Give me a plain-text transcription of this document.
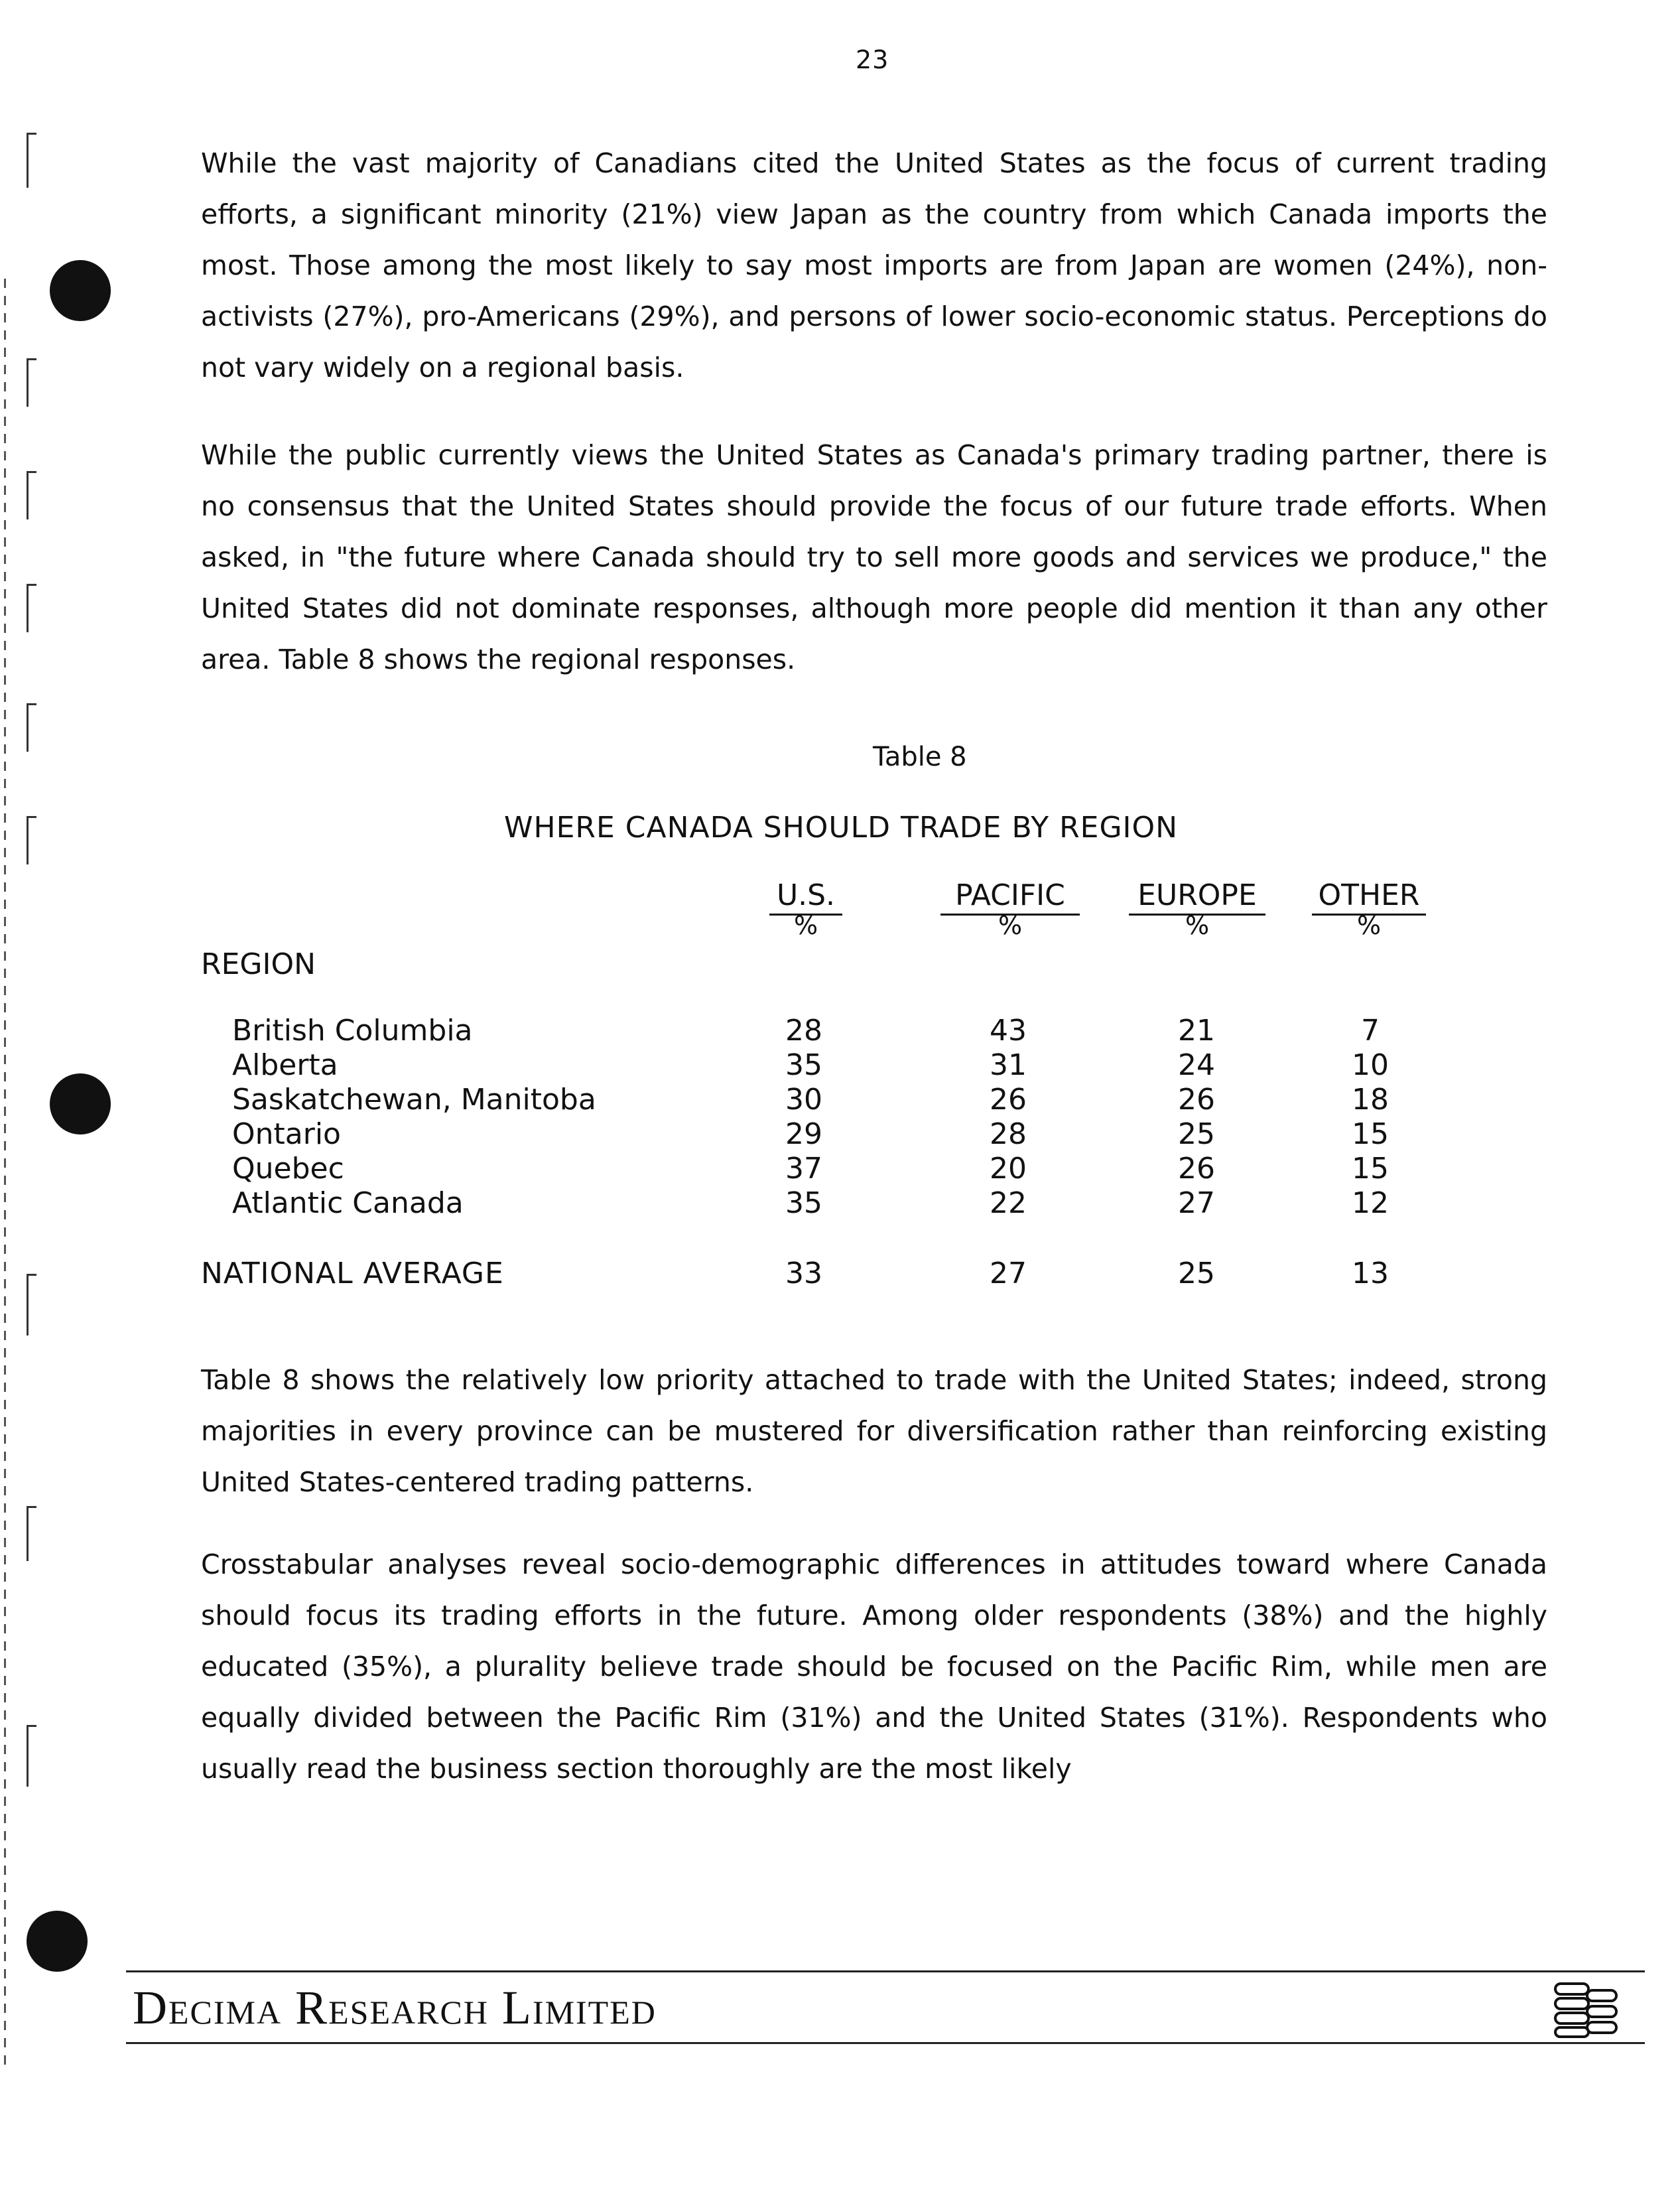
23

While the vast majority of Canadians cited the United States as the focus of current trading efforts, a significant minority (21%) view Japan as the country from which Canada imports the most. Those among the most likely to say most imports are from Japan are women (24%), non-activists (27%), pro-Americans (29%), and persons of lower socio-economic status. Perceptions do not vary widely on a regional basis.

While the public currently views the United States as Canada's primary trading partner, there is no consensus that the United States should provide the focus of our future trade efforts. When asked, in "the future where Canada should try to sell more goods and services we produce," the United States did not dominate responses, although more people did mention it than any other area. Table 8 shows the regional responses.

Table 8
WHERE CANADA SHOULD TRADE BY REGION
U.S.
%
PACIFIC
%
EUROPE
%
OTHER
%
REGION
British Columbia	28	43	21	7
Alberta	35	31	24	10
Saskatchewan, Manitoba	30	26	26	18
Ontario	29	28	25	15
Quebec	37	20	26	15
Atlantic Canada	35	22	27	12
NATIONAL AVERAGE	33	27	25	13

Table 8 shows the relatively low priority attached to trade with the United States; indeed, strong majorities in every province can be mustered for diversification rather than reinforcing existing United States-centered trading patterns.

Crosstabular analyses reveal socio-demographic differences in attitudes toward where Canada should focus its trading efforts in the future. Among older respondents (38%) and the highly educated (35%), a plurality believe trade should be focused on the Pacific Rim, while men are equally divided between the Pacific Rim (31%) and the United States (31%). Respondents who usually read the business section thoroughly are the most likely

Decima Research Limited
